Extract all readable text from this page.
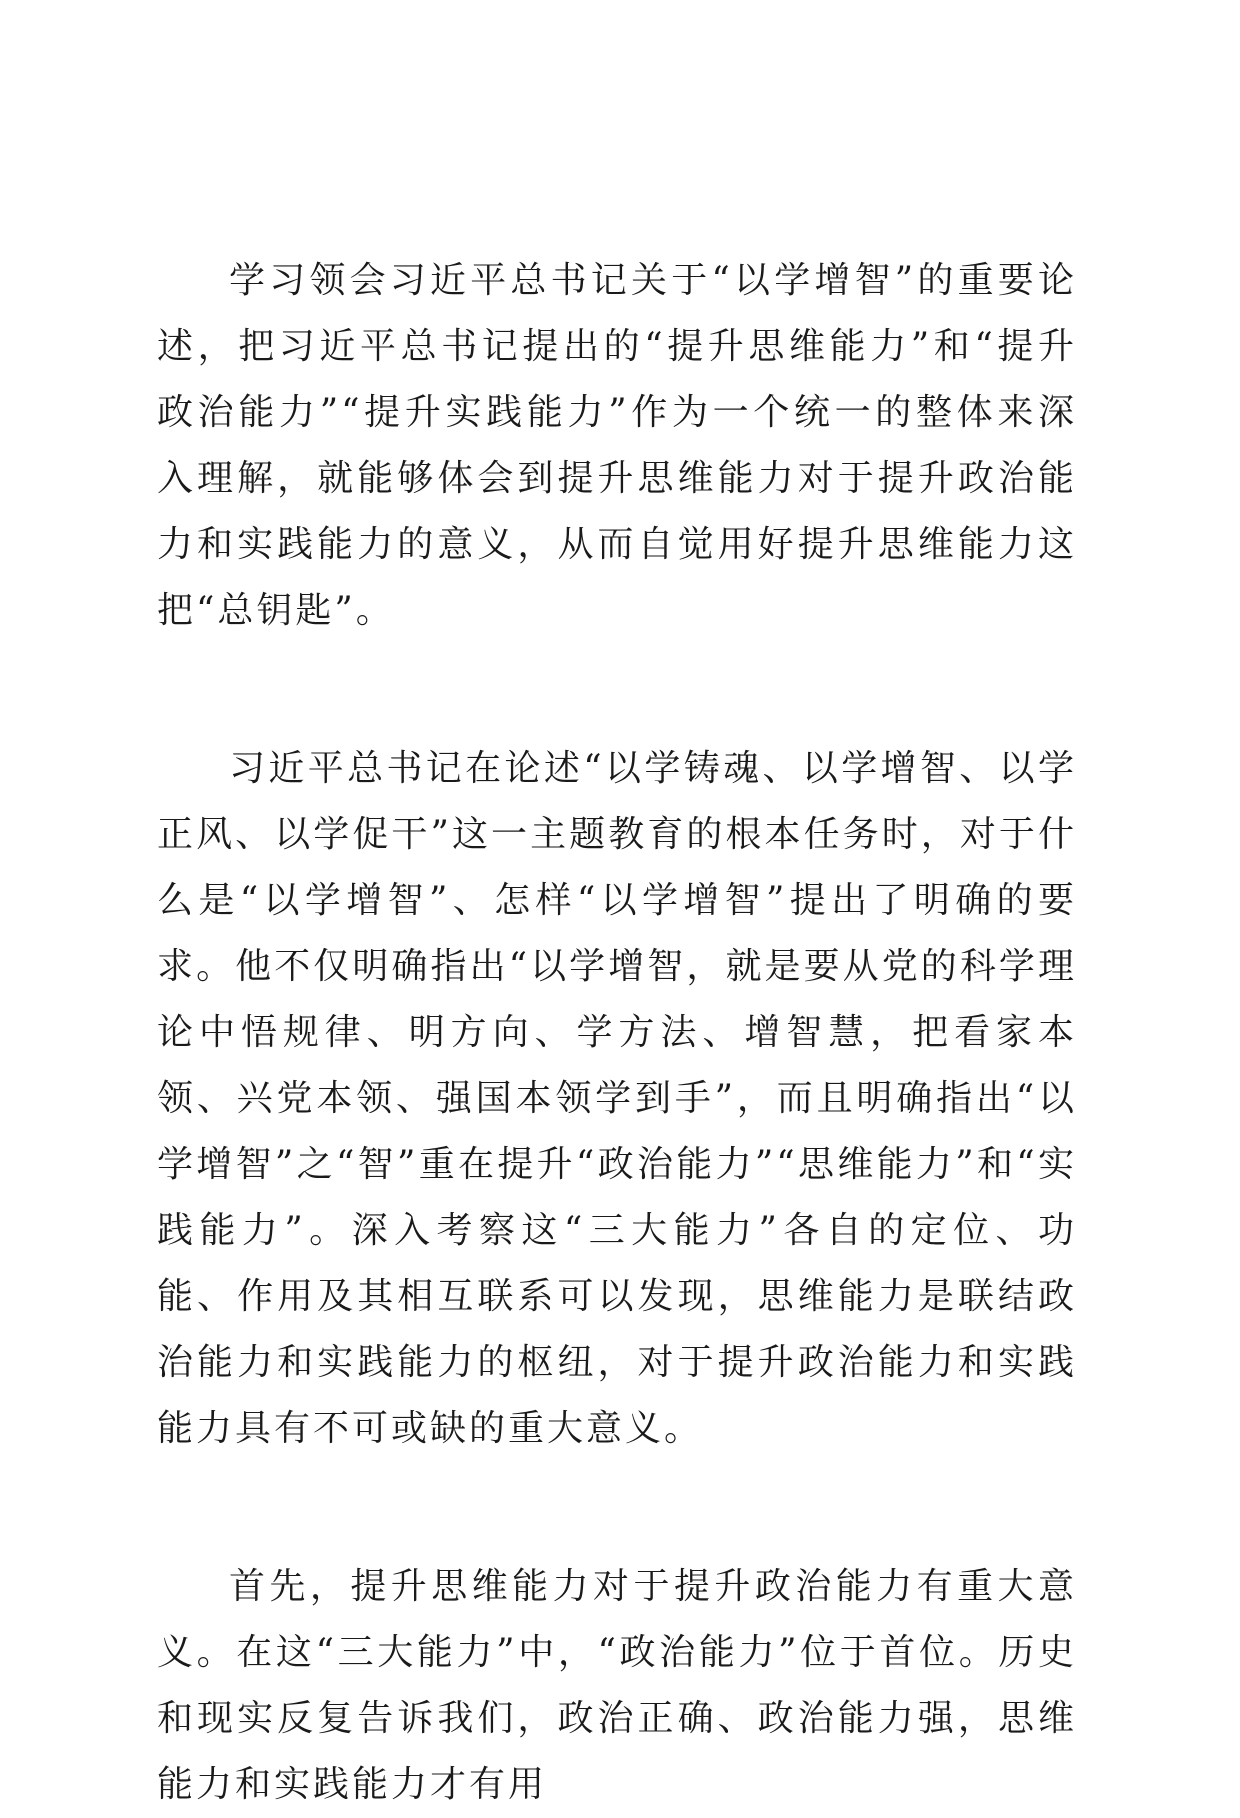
学习领会习近平总书记关于“以学增智”的重要论述，把习近平总书记提出的“提升思维能力”和“提升政治能力”“提升实践能力”作为一个统一的整体来深入理解，就能够体会到提升思维能力对于提升政治能力和实践能力的意义，从而自觉用好提升思维能力这把“总钥匙”。

习近平总书记在论述“以学铸魂、以学增智、以学正风、以学促干”这一主题教育的根本任务时，对于什么是“以学增智”、怎样“以学增智”提出了明确的要求。他不仅明确指出“以学增智，就是要从党的科学理论中悟规律、明方向、学方法、增智慧，把看家本领、兴党本领、强国本领学到手”，而且明确指出“以学增智”之“智”重在提升“政治能力”“思维能力”和“实践能力”。深入考察这“三大能力”各自的定位、功能、作用及其相互联系可以发现，思维能力是联结政治能力和实践能力的枢纽，对于提升政治能力和实践能力具有不可或缺的重大意义。

首先，提升思维能力对于提升政治能力有重大意义。在这“三大能力”中，“政治能力”位于首位。历史和现实反复告诉我们，政治正确、政治能力强，思维能力和实践能力才有用
